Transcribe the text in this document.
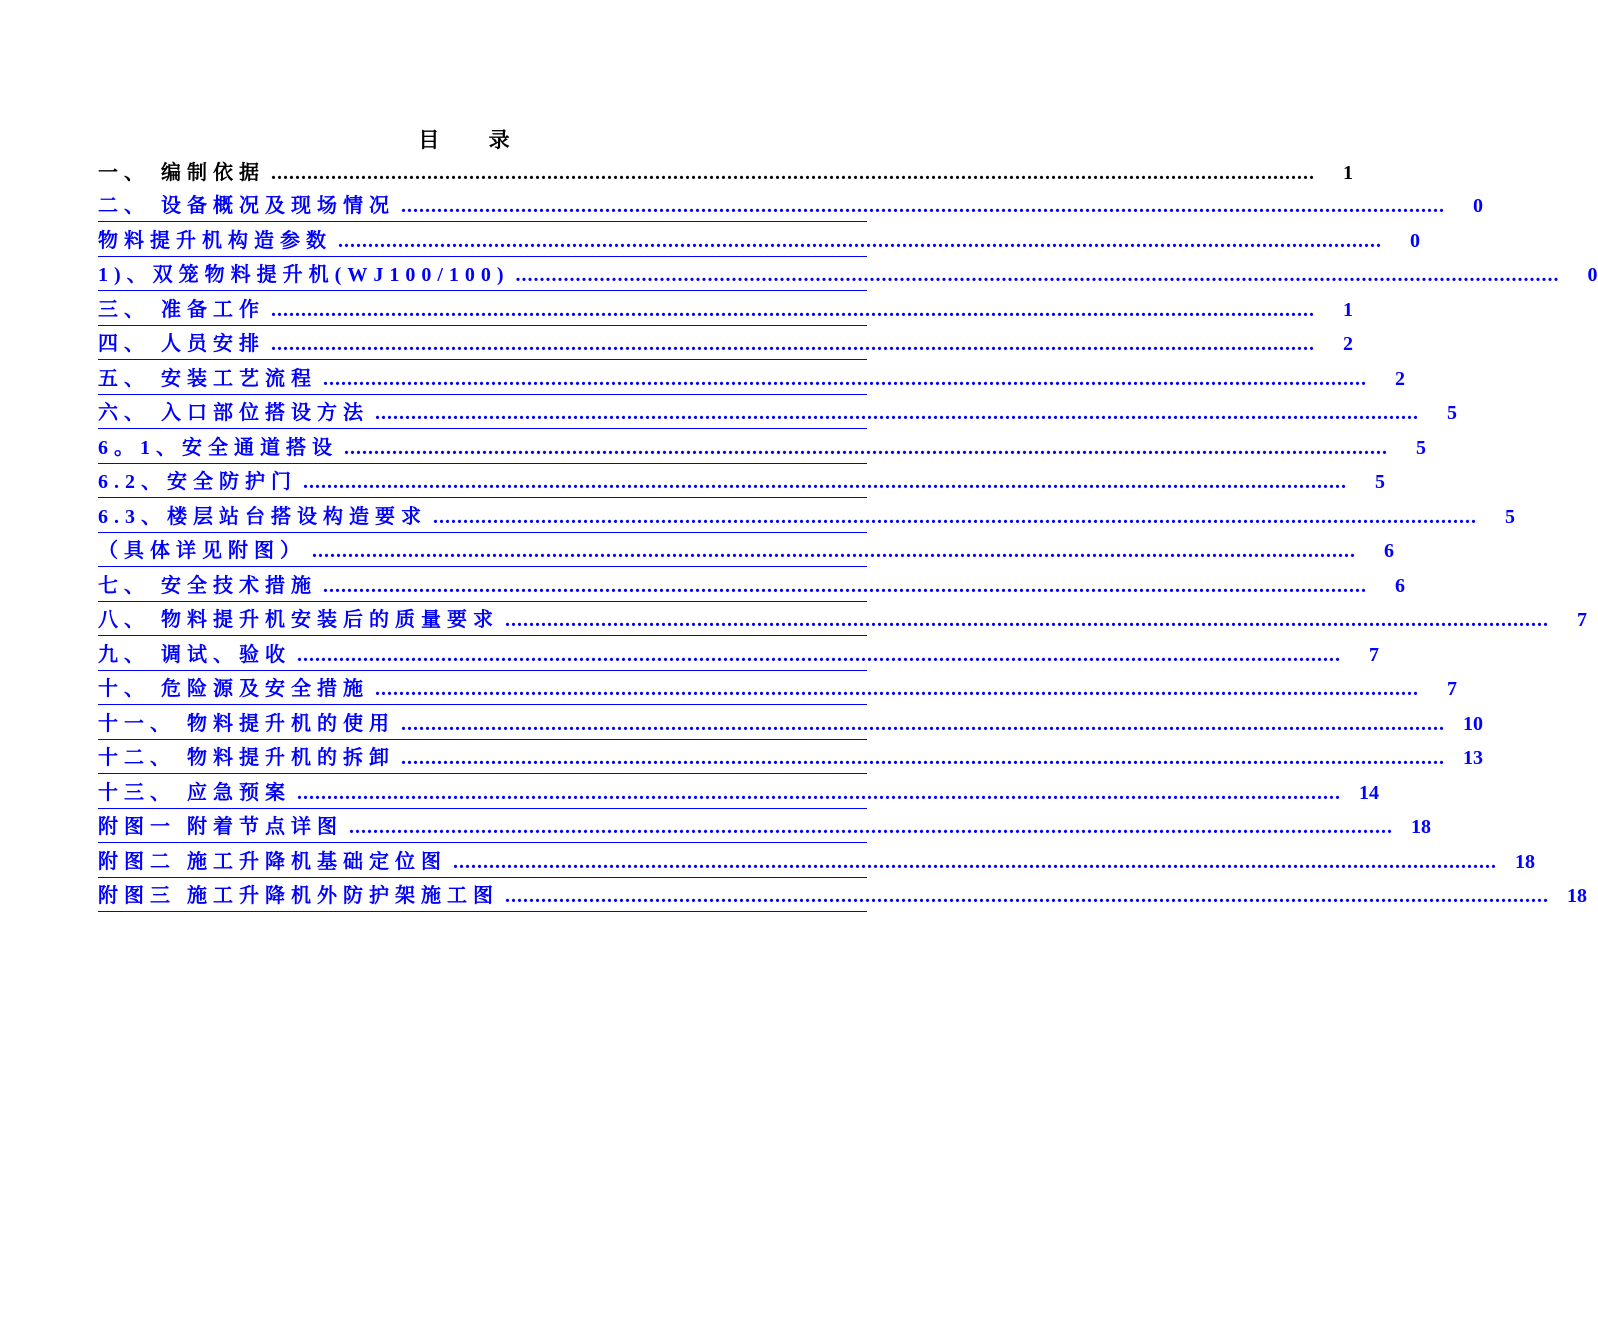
目 录
一、 编制依据 ..............................................................................................................................................................................	1
二、 设备概况及现场情况 ..............................................................................................................................................................................	0
物料提升机构造参数 ..............................................................................................................................................................................	0
1)、双笼物料提升机(WJ100/100) ..............................................................................................................................................................................	0
三、 准备工作 ..............................................................................................................................................................................	1
四、 人员安排 ..............................................................................................................................................................................	2
五、 安装工艺流程 ..............................................................................................................................................................................	2
六、 入口部位搭设方法 ..............................................................................................................................................................................	5
6。1、安全通道搭设 ..............................................................................................................................................................................	5
6.2、安全防护门 ..............................................................................................................................................................................	5
6.3、楼层站台搭设构造要求 ..............................................................................................................................................................................	5
（具体详见附图） ..............................................................................................................................................................................	6
七、 安全技术措施 ..............................................................................................................................................................................	6
八、 物料提升机安装后的质量要求 ..............................................................................................................................................................................	7
九、 调试、验收 ..............................................................................................................................................................................	7
十、 危险源及安全措施 ..............................................................................................................................................................................	7
十一、 物料提升机的使用 .............................................................................................................................................................................. 10
十二、 物料提升机的拆卸 .............................................................................................................................................................................. 13
十三、 应急预案 .............................................................................................................................................................................. 14
附图一 附着节点详图 .............................................................................................................................................................................. 18
附图二 施工升降机基础定位图 .............................................................................................................................................................................. 18
附图三 施工升降机外防护架施工图 .............................................................................................................................................................................. 18
